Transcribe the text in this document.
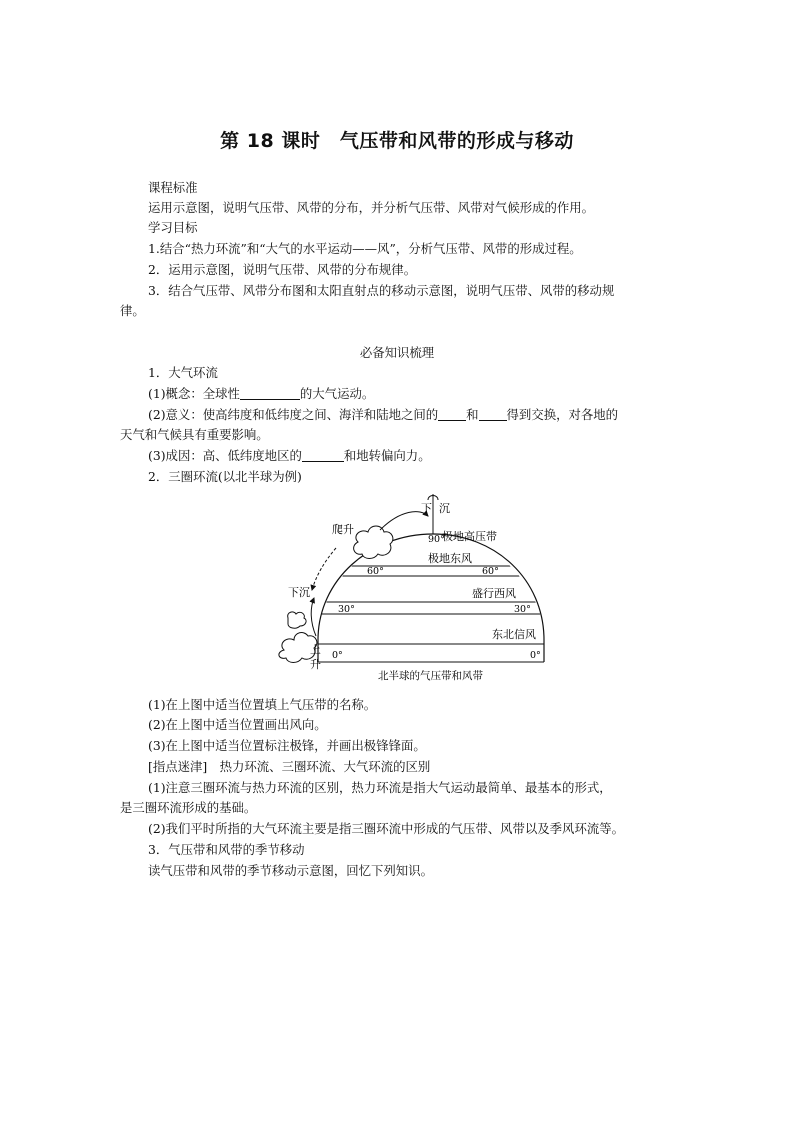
第 18 课时　气压带和风带的形成与移动
课程标准
运用示意图，说明气压带、风带的分布，并分析气压带、风带对气候形成的作用。
学习目标
1.结合“热力环流”和“大气的水平运动——风”，分析气压带、风带的形成过程。
2．运用示意图，说明气压带、风带的分布规律。
3．结合气压带、风带分布图和太阳直射点的移动示意图，说明气压带、风带的移动规
律。
必备知识梳理
1．大气环流
(1)概念：全球性	的大气运动。
(2)意义：使高纬度和低纬度之间、海洋和陆地之间的 和 得到交换，对各地的
天气和气候具有重要影响。
(3)成因：高、低纬度地区的	和地转偏向力。
2．三圈环流(以北半球为例)
爬升
下 沉
下沉
上
升
90°
极地高压带
极地东风
60°	60°
盛行西风
30°	30°
东北信风
0°	0°
北半球的气压带和风带
(1)在上图中适当位置填上气压带的名称。
(2)在上图中适当位置画出风向。
(3)在上图中适当位置标注极锋，并画出极锋锋面。
[指点迷津]　热力环流、三圈环流、大气环流的区别
(1)注意三圈环流与热力环流的区别，热力环流是指大气运动最简单、最基本的形式，
是三圈环流形成的基础。
(2)我们平时所指的大气环流主要是指三圈环流中形成的气压带、风带以及季风环流等。
3．气压带和风带的季节移动
读气压带和风带的季节移动示意图，回忆下列知识。
